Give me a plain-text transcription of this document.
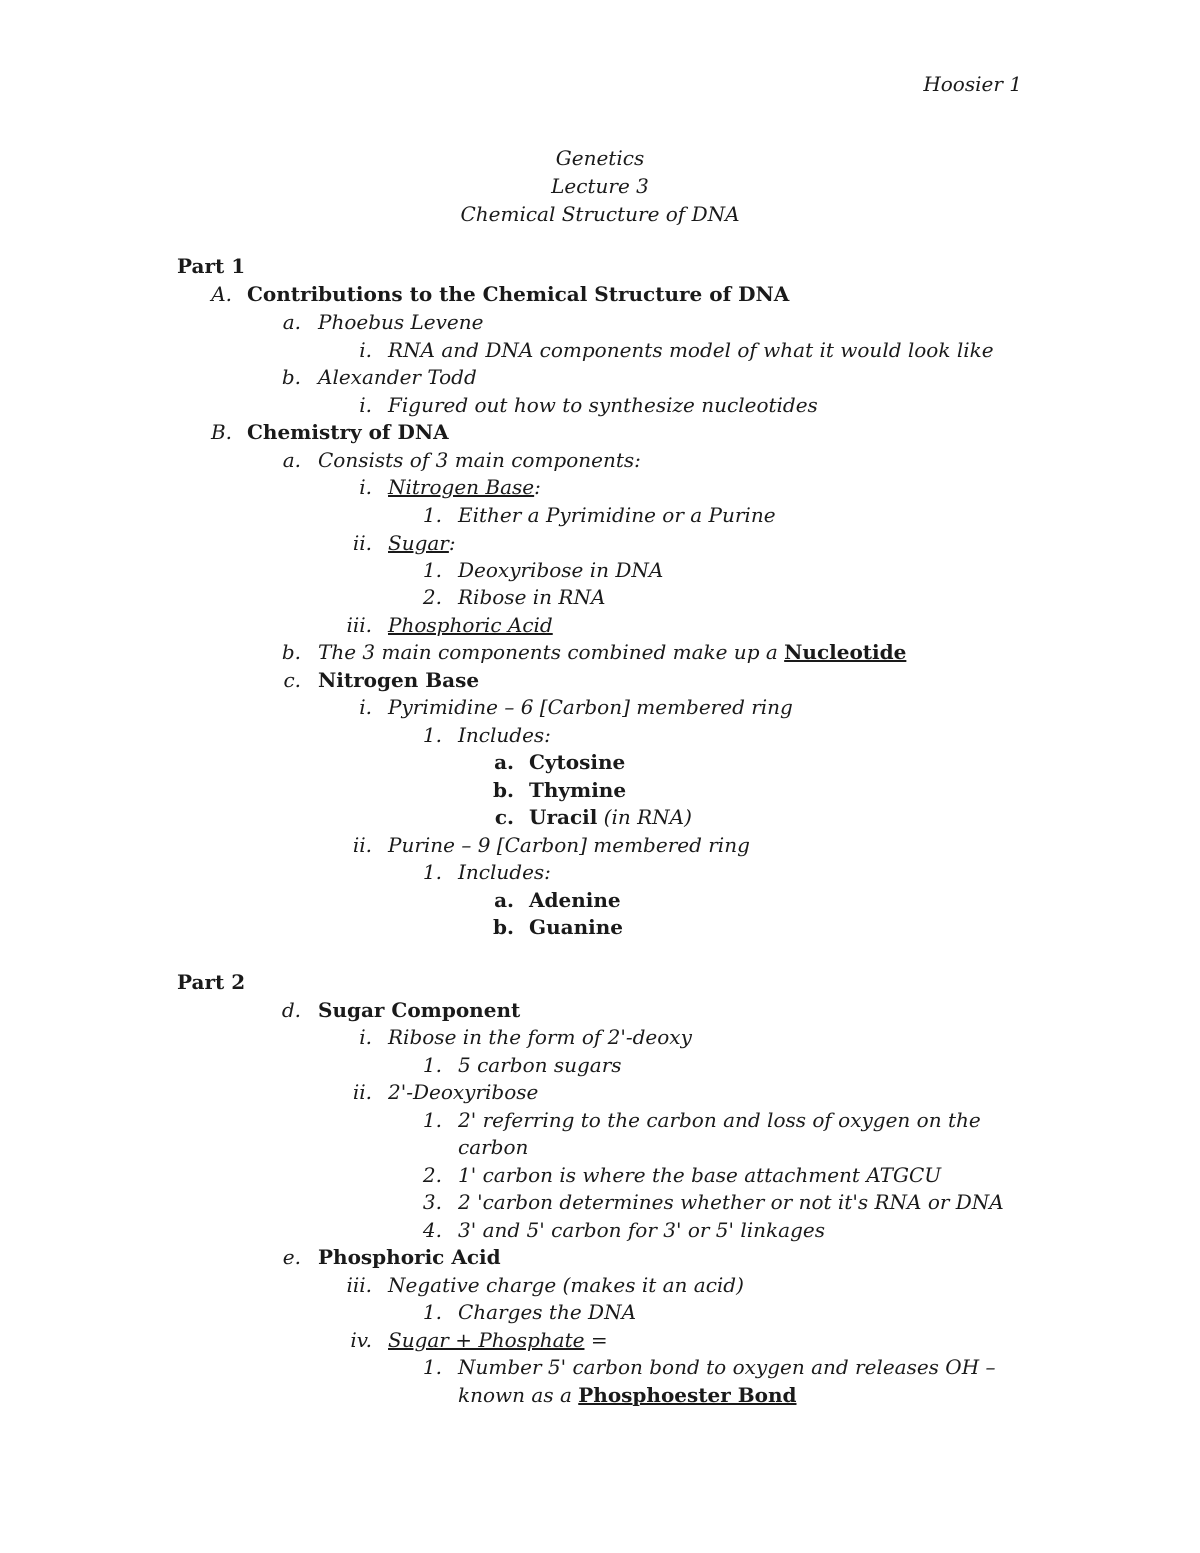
Hoosier 1
Genetics
Lecture 3
Chemical Structure of DNA
Part 1
A. Contributions to the Chemical Structure of DNA
a. Phoebus Levene
i. RNA and DNA components model of what it would look like
b. Alexander Todd
i. Figured out how to synthesize nucleotides
B. Chemistry of DNA
a. Consists of 3 main components:
i. Nitrogen Base:
1. Either a Pyrimidine or a Purine
ii. Sugar:
1. Deoxyribose in DNA
2. Ribose in RNA
iii. Phosphoric Acid
b. The 3 main components combined make up a Nucleotide
c. Nitrogen Base
i. Pyrimidine – 6 [Carbon] membered ring
1. Includes:
a. Cytosine
b. Thymine
c. Uracil (in RNA)
ii. Purine – 9 [Carbon] membered ring
1. Includes:
a. Adenine
b. Guanine
Part 2
d. Sugar Component
i. Ribose in the form of 2'-deoxy
1. 5 carbon sugars
ii. 2'-Deoxyribose
1. 2' referring to the carbon and loss of oxygen on the
carbon
2. 1' carbon is where the base attachment ATGCU
3. 2 'carbon determines whether or not it's RNA or DNA
4. 3' and 5' carbon for 3' or 5' linkages
e. Phosphoric Acid
iii. Negative charge (makes it an acid)
1. Charges the DNA
iv. Sugar + Phosphate =
1. Number 5' carbon bond to oxygen and releases OH –
known as a Phosphoester Bond
